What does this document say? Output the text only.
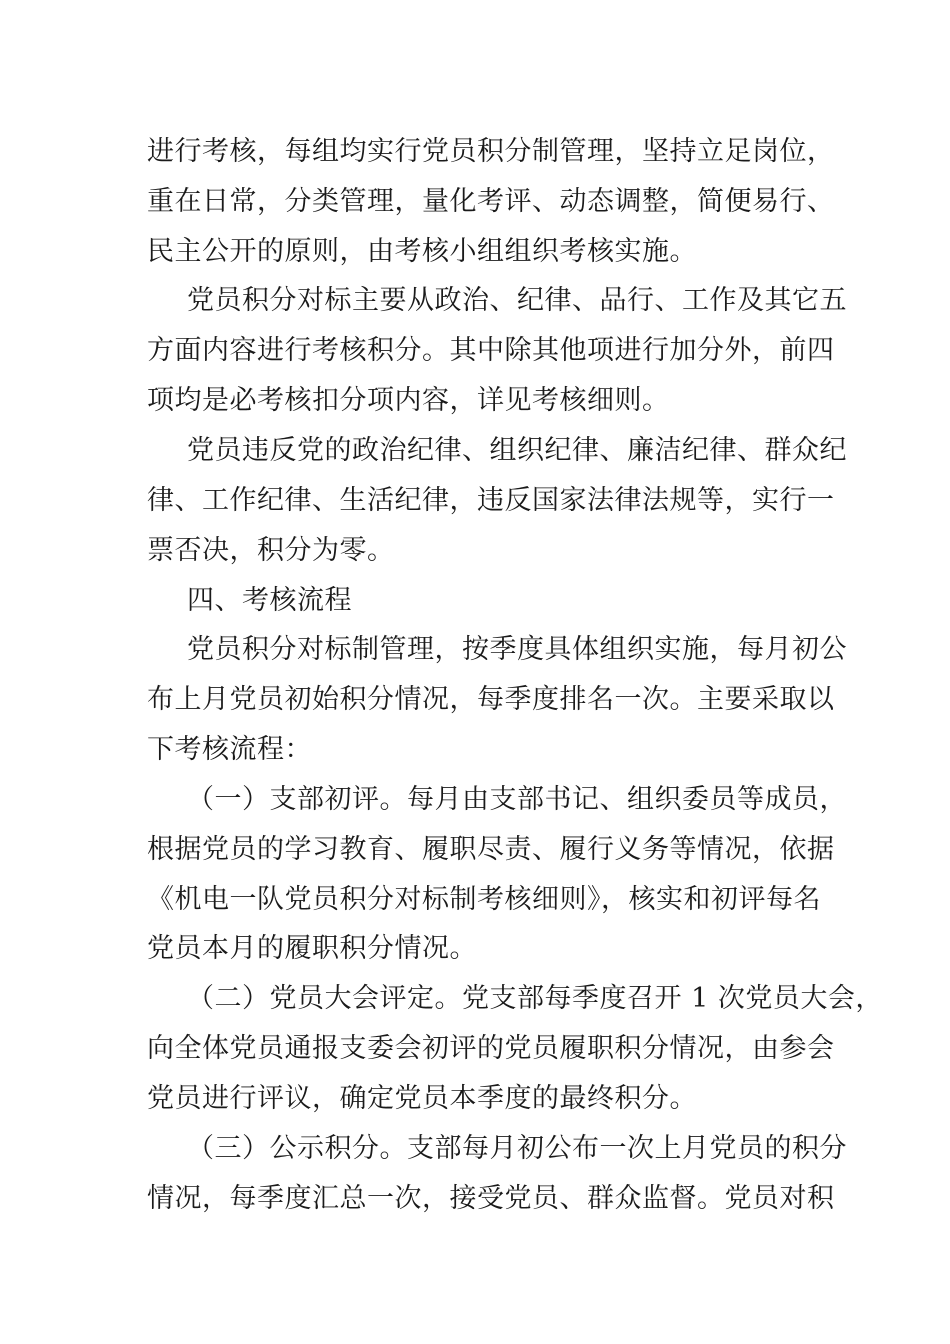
进行考核，每组均实行党员积分制管理，坚持立足岗位，
重在日常，分类管理，量化考评、动态调整，简便易行、
民主公开的原则，由考核小组组织考核实施。
党员积分对标主要从政治、纪律、品行、工作及其它五
方面内容进行考核积分。其中除其他项进行加分外，前四
项均是必考核扣分项内容，详见考核细则。
党员违反党的政治纪律、组织纪律、廉洁纪律、群众纪
律、工作纪律、生活纪律，违反国家法律法规等，实行一
票否决，积分为零。
四、考核流程
党员积分对标制管理，按季度具体组织实施，每月初公
布上月党员初始积分情况，每季度排名一次。主要采取以
下考核流程：
（一）支部初评。每月由支部书记、组织委员等成员，
根据党员的学习教育、履职尽责、履行义务等情况，依据
《机电一队党员积分对标制考核细则》，核实和初评每名
党员本月的履职积分情况。
（二）党员大会评定。党支部每季度召开 1 次党员大会，
向全体党员通报支委会初评的党员履职积分情况，由参会
党员进行评议，确定党员本季度的最终积分。
（三）公示积分。支部每月初公布一次上月党员的积分
情况，每季度汇总一次，接受党员、群众监督。党员对积
